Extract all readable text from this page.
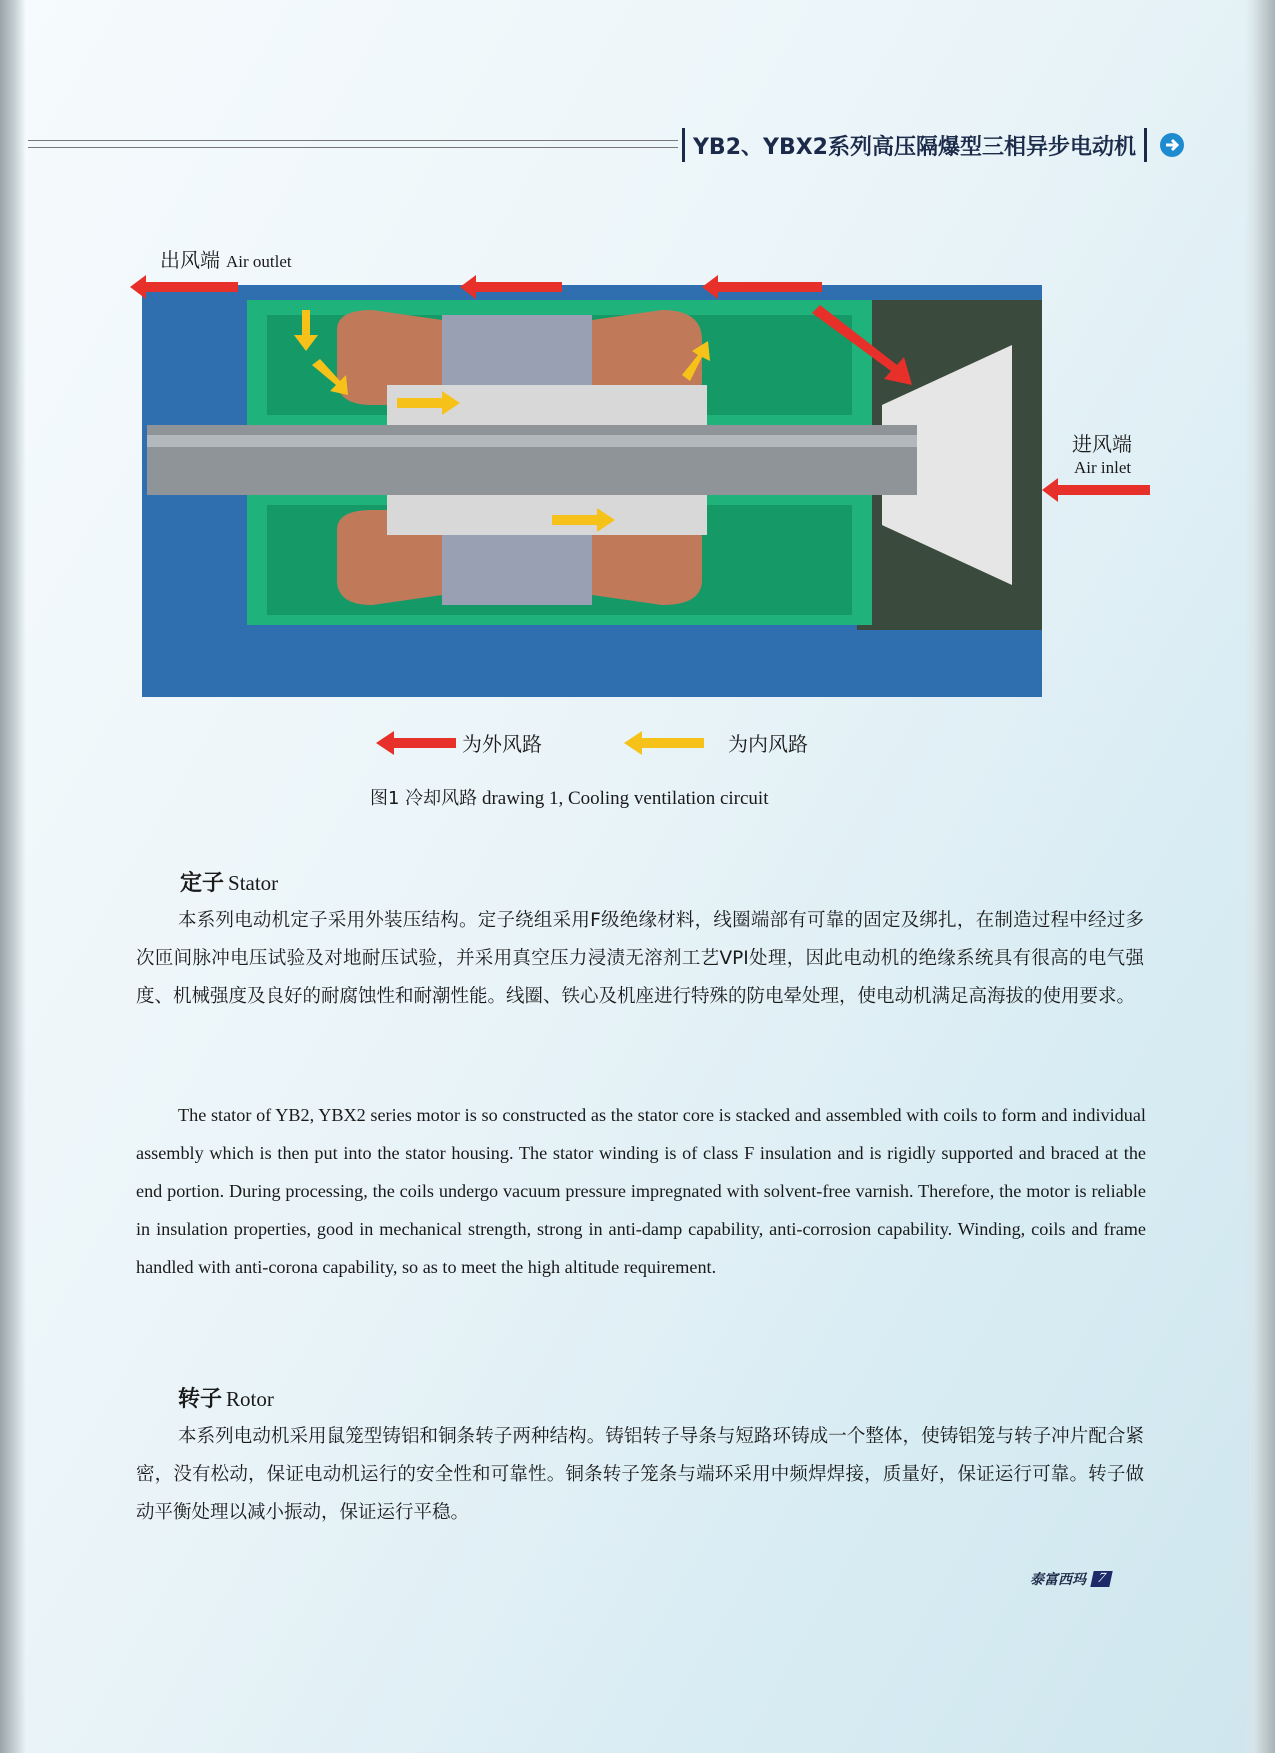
YB2、YBX2系列高压隔爆型三相异步电动机
出风端 Air outlet
进风端
Air inlet
为外风路	为内风路
图1 冷却风路 drawing 1, Cooling ventilation circuit
定子 Stator

本系列电动机定子采用外装压结构。定子绕组采用F级绝缘材料，线圈端部有可靠的固定及绑扎，在制造过程中经过多次匝间脉冲电压试验及对地耐压试验，并采用真空压力浸渍无溶剂工艺VPI处理，因此电动机的绝缘系统具有很高的电气强度、机械强度及良好的耐腐蚀性和耐潮性能。线圈、铁心及机座进行特殊的防电晕处理，使电动机满足高海拔的使用要求。

The stator of YB2, YBX2 series motor is so constructed as the stator core is stacked and assembled with coils to form and individual assembly which is then put into the stator housing. The stator winding is of class F insulation and is rigidly supported and braced at the end portion. During processing, the coils undergo vacuum pressure impregnated with solvent-free varnish. Therefore, the motor is reliable in insulation properties, good in mechanical strength, strong in anti-damp capability, anti-corrosion capability. Winding, coils and frame handled with anti-corona capability, so as to meet the high altitude requirement.

转子 Rotor

本系列电动机采用鼠笼型铸铝和铜条转子两种结构。铸铝转子导条与短路环铸成一个整体，使铸铝笼与转子冲片配合紧密，没有松动，保证电动机运行的安全性和可靠性。铜条转子笼条与端环采用中频焊焊接，质量好，保证运行可靠。转子做动平衡处理以减小振动，保证运行平稳。

泰富西玛 7
